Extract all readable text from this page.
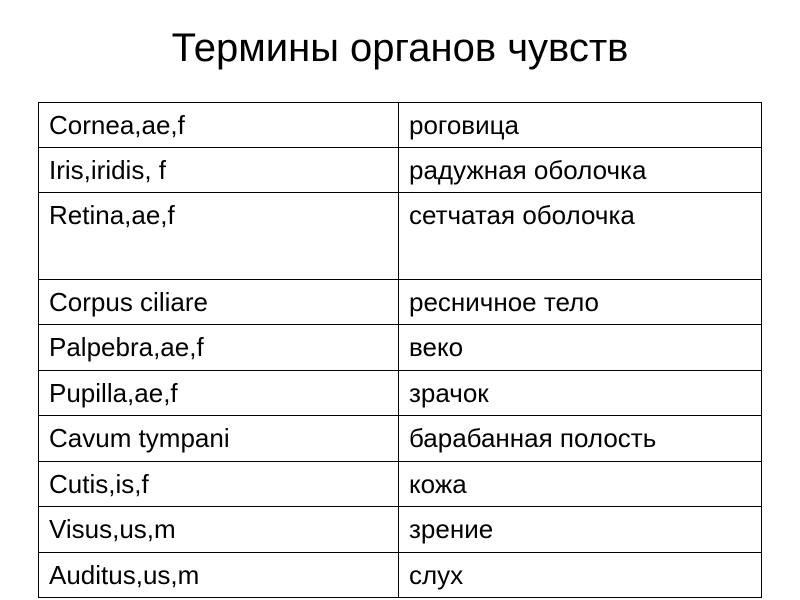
Термины органов чувств
Cornea,ae,f	роговица
Iris,iridis, f	радужная оболочка
Retina,ae,f	сетчатая оболочка
Corpus ciliare	ресничное тело
Palpebra,ae,f	веко
Pupilla,ae,f	зрачок
Cavum tympani	барабанная полость
Cutis,is,f	кожа
Visus,us,m	зрение
Auditus,us,m	слух
